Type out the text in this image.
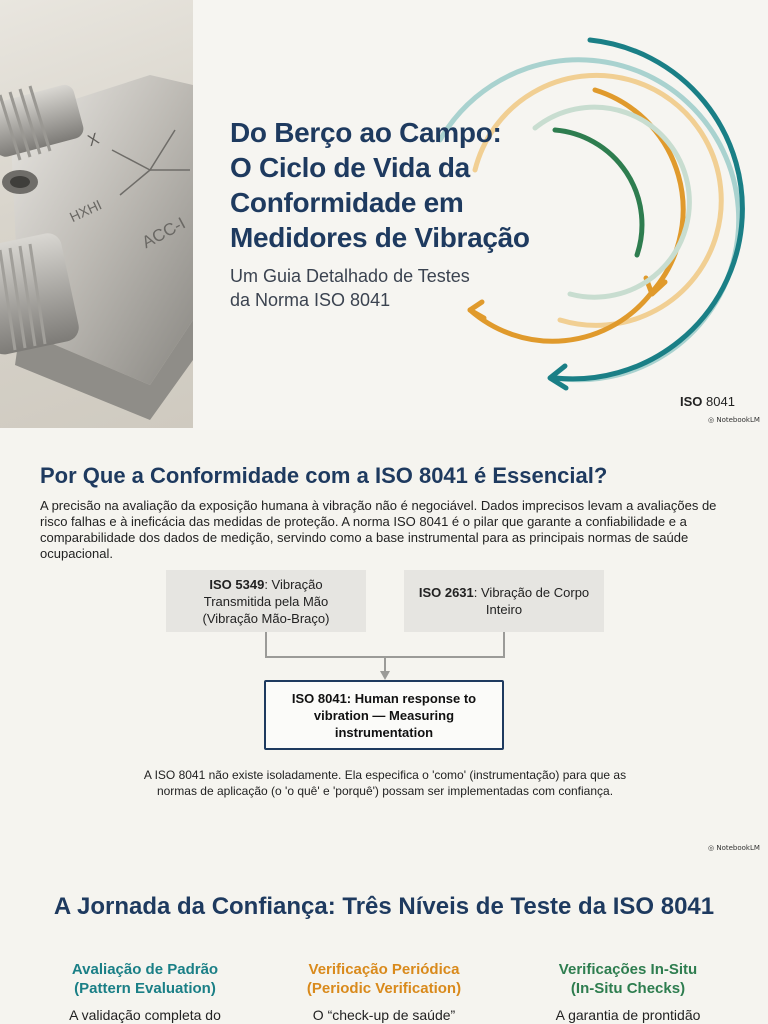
X
HXHI
ACC-I
Do Berço ao Campo:
O Ciclo de Vida da
Conformidade em
Medidores de Vibração
Um Guia Detalhado de Testes
da Norma ISO 8041
ISO 8041
◎ NotebookLM
Por Que a Conformidade com a ISO 8041 é Essencial?
A precisão na avaliação da exposição humana à vibração não é negociável. Dados imprecisos levam a avaliações de risco falhas e à ineficácia das medidas de proteção. A norma ISO 8041 é o pilar que garante a confiabilidade e a comparabilidade dos dados de medição, servindo como a base instrumental para as principais normas de saúde ocupacional.
ISO 5349: Vibração Transmitida pela Mão (Vibração Mão-Braço)
ISO 2631: Vibração de Corpo Inteiro
ISO 8041: Human response to vibration — Measuring instrumentation
A ISO 8041 não existe isoladamente. Ela especifica o 'como' (instrumentação) para que as normas de aplicação (o 'o quê' e 'porquê') possam ser implementadas com confiança.
◎ NotebookLM
A Jornada da Confiança: Três Níveis de Teste da ISO 8041
Avaliação de Padrão
(Pattern Evaluation)
A validação completa do
Verificação Periódica
(Periodic Verification)
O “check-up de saúde”
Verificações In-Situ
(In-Situ Checks)
A garantia de prontidão
